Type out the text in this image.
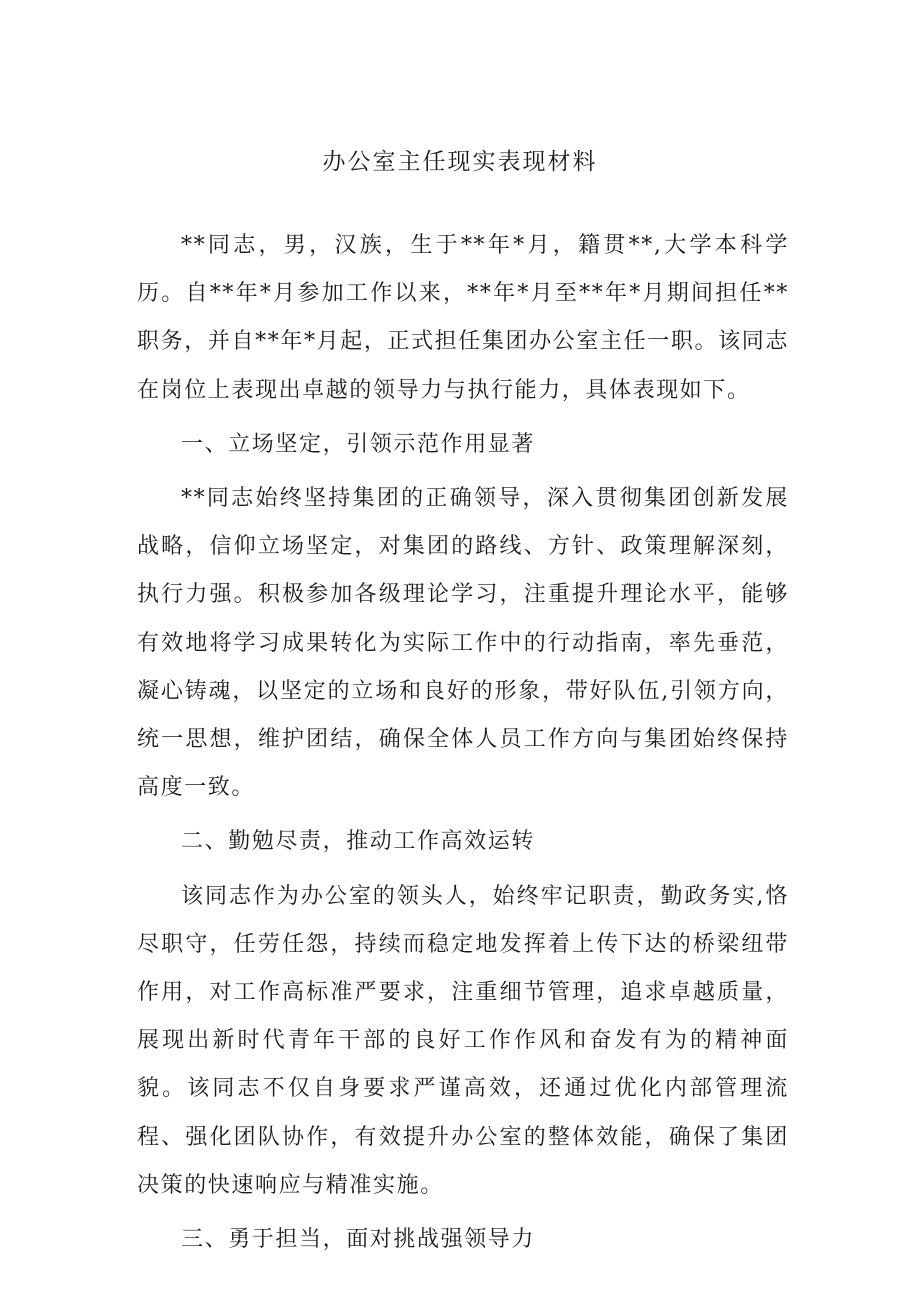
办公室主任现实表现材料

**同志，男，汉族，生于**年*月，籍贯**,大学本科学历。自**年*月参加工作以来，**年*月至**年*月期间担任**职务，并自**年*月起，正式担任集团办公室主任一职。该同志在岗位上表现出卓越的领导力与执行能力，具体表现如下。

一、立场坚定，引领示范作用显著

**同志始终坚持集团的正确领导，深入贯彻集团创新发展战略，信仰立场坚定，对集团的路线、方针、政策理解深刻，执行力强。积极参加各级理论学习，注重提升理论水平，能够有效地将学习成果转化为实际工作中的行动指南，率先垂范，凝心铸魂，以坚定的立场和良好的形象，带好队伍,引领方向，统一思想，维护团结，确保全体人员工作方向与集团始终保持高度一致。

二、勤勉尽责，推动工作高效运转

该同志作为办公室的领头人，始终牢记职责，勤政务实,恪尽职守，任劳任怨，持续而稳定地发挥着上传下达的桥梁纽带作用，对工作高标准严要求，注重细节管理，追求卓越质量，展现出新时代青年干部的良好工作作风和奋发有为的精神面貌。该同志不仅自身要求严谨高效，还通过优化内部管理流程、强化团队协作，有效提升办公室的整体效能，确保了集团决策的快速响应与精准实施。

三、勇于担当，面对挑战强领导力
